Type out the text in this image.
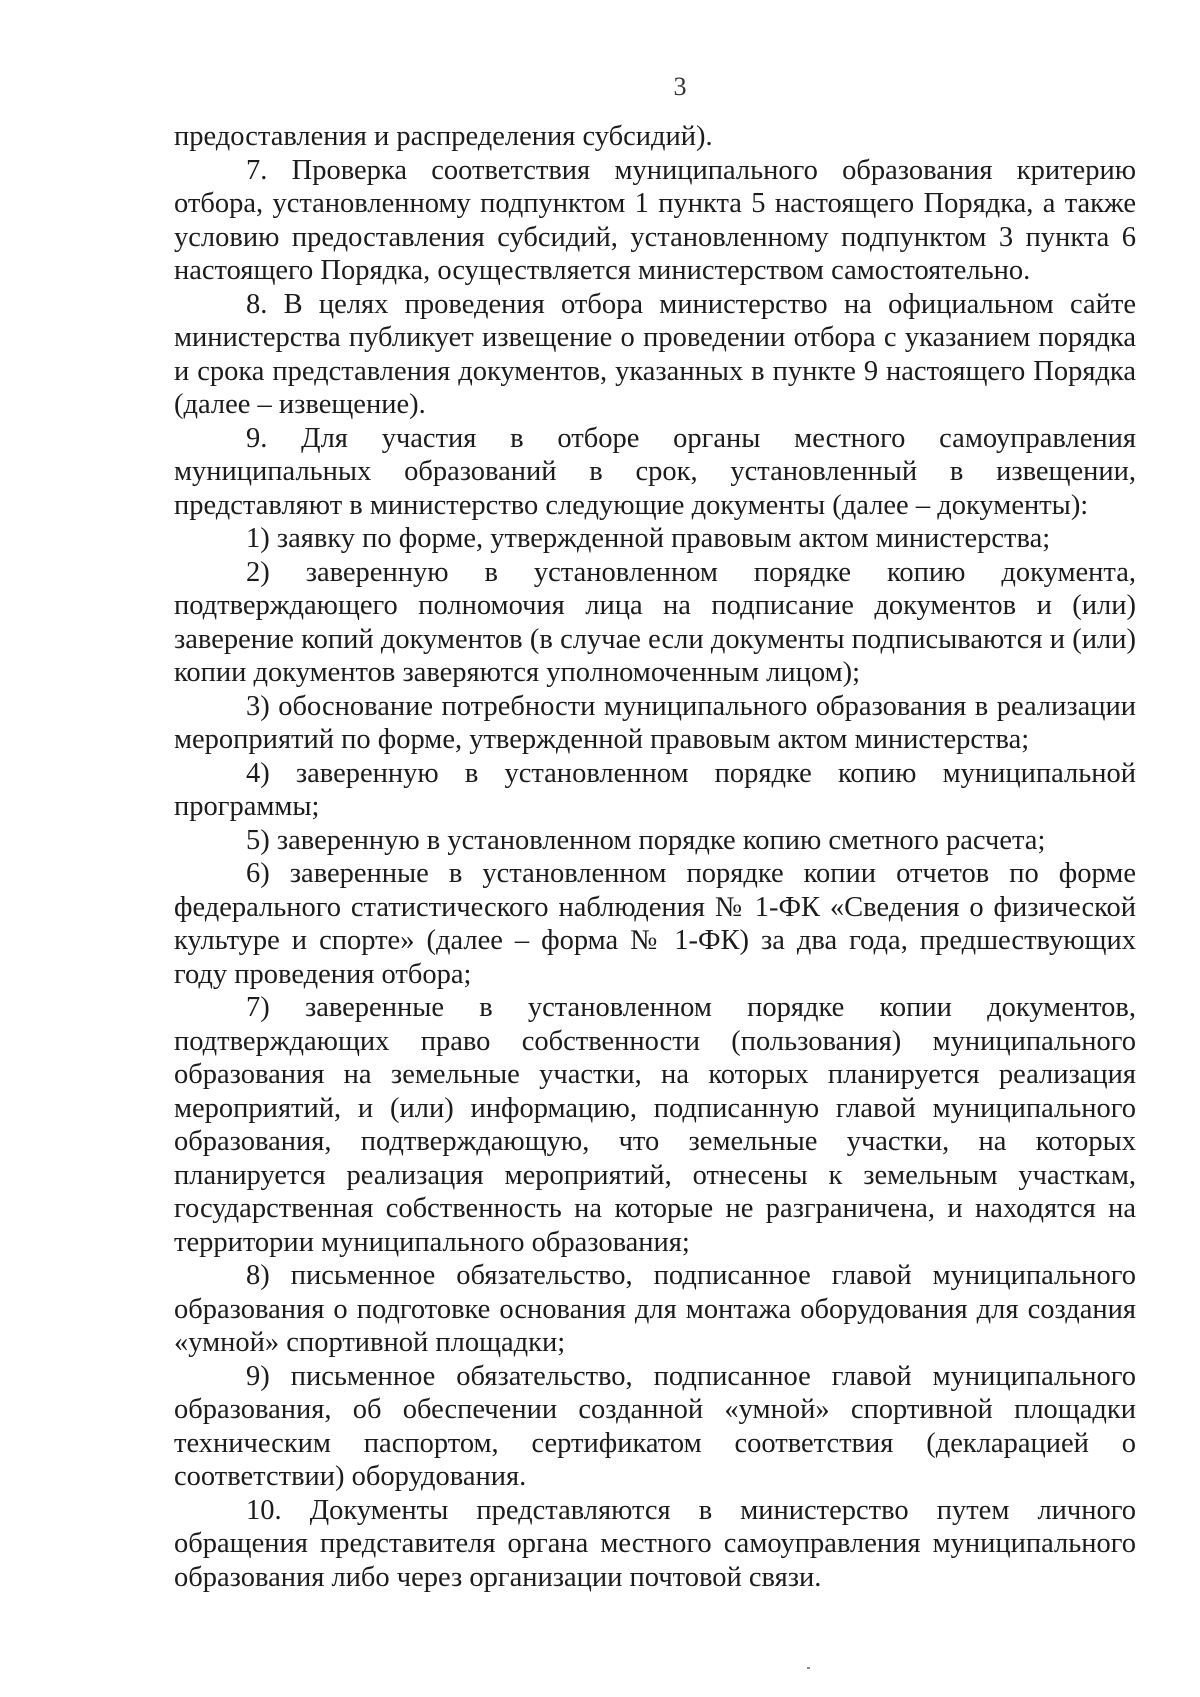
3

предоставления и распределения субсидий).

7. Проверка соответствия муниципального образования критерию отбора, установленному подпунктом 1 пункта 5 настоящего Порядка, а также условию предоставления субсидий, установленному подпунктом 3 пункта 6 настоящего Порядка, осуществляется министерством самостоятельно.

8. В целях проведения отбора министерство на официальном сайте министерства публикует извещение о проведении отбора с указанием порядка и срока представления документов, указанных в пункте 9 настоящего Порядка (далее – извещение).

9. Для участия в отборе органы местного самоуправления муниципальных образований в срок, установленный в извещении, представляют в министерство следующие документы (далее – документы):

1) заявку по форме, утвержденной правовым актом министерства;

2) заверенную в установленном порядке копию документа, подтверждающего полномочия лица на подписание документов и (или) заверение копий документов (в случае если документы подписываются и (или) копии документов заверяются уполномоченным лицом);

3) обоснование потребности муниципального образования в реализации мероприятий по форме, утвержденной правовым актом министерства;

4) заверенную в установленном порядке копию муниципальной программы;

5) заверенную в установленном порядке копию сметного расчета;

6) заверенные в установленном порядке копии отчетов по форме федерального статистического наблюдения № 1-ФК «Сведения о физической культуре и спорте» (далее – форма № 1-ФК) за два года, предшествующих году проведения отбора;

7) заверенные в установленном порядке копии документов, подтверждающих право собственности (пользования) муниципального образования на земельные участки, на которых планируется реализация мероприятий, и (или) информацию, подписанную главой муниципального образования, подтверждающую, что земельные участки, на которых планируется реализация мероприятий, отнесены к земельным участкам, государственная собственность на которые не разграничена, и находятся на территории муниципального образования;

8) письменное обязательство, подписанное главой муниципального образования о подготовке основания для монтажа оборудования для создания «умной» спортивной площадки;

9) письменное обязательство, подписанное главой муниципального образования, об обеспечении созданной «умной» спортивной площадки техническим паспортом, сертификатом соответствия (декларацией о соответствии) оборудования.

10. Документы представляются в министерство путем личного обращения представителя органа местного самоуправления муниципального образования либо через организации почтовой связи.
